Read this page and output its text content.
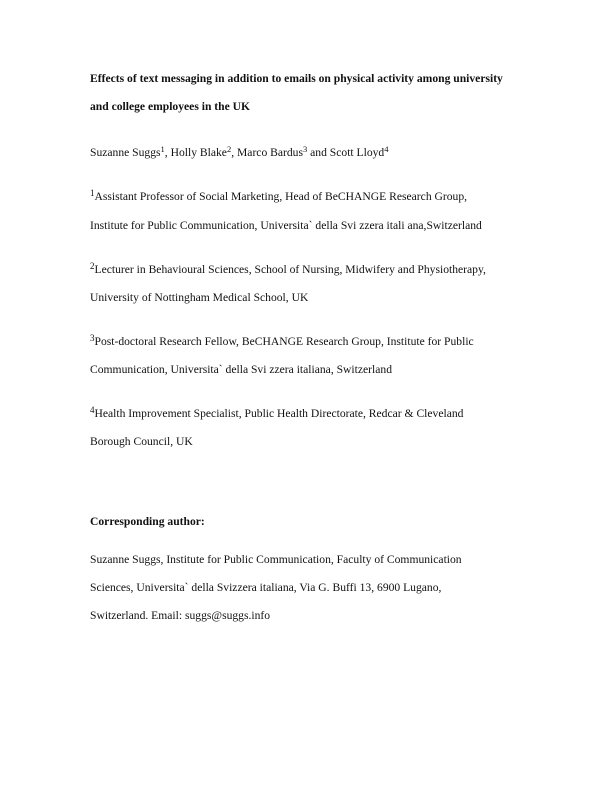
Effects of text messaging in addition to emails on physical activity among university
and college employees in the UK
Suzanne Suggs$^1$, Holly Blake$^2$, Marco Bardus$^3$ and Scott Lloyd$^4$
$^1$Assistant Professor of Social Marketing, Head of BeCHANGE Research Group,
Institute for Public Communication, Universita` della Svi zzera itali ana,Switzerland
$^2$Lecturer in Behavioural Sciences, School of Nursing, Midwifery and Physiotherapy,
University of Nottingham Medical School, UK
$^3$Post-doctoral Research Fellow, BeCHANGE Research Group, Institute for Public
Communication, Universita` della Svi zzera italiana, Switzerland
$^4$Health Improvement Specialist, Public Health Directorate, Redcar & Cleveland
Borough Council, UK
Corresponding author:
Suzanne Suggs, Institute for Public Communication, Faculty of Communication
Sciences, Universita` della Svizzera italiana, Via G. Buffi 13, 6900 Lugano,
Switzerland. Email: suggs@suggs.info
